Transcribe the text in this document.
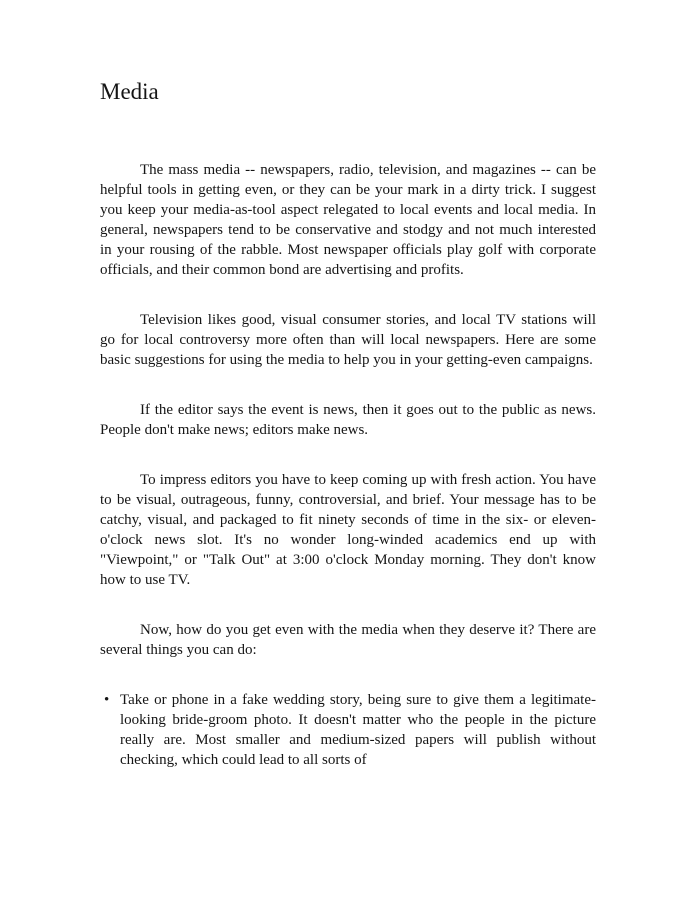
Media

The mass media -- newspapers, radio, television, and magazines -- can be helpful tools in getting even, or they can be your mark in a dirty trick. I suggest you keep your media-as-tool aspect relegated to local events and local media. In general, newspapers tend to be conservative and stodgy and not much interested in your rousing of the rabble. Most newspaper officials play golf with corporate officials, and their common bond are advertising and profits.

Television likes good, visual consumer stories, and local TV stations will go for local controversy more often than will local newspapers. Here are some basic suggestions for using the media to help you in your getting-even campaigns.

If the editor says the event is news, then it goes out to the public as news. People don't make news; editors make news.

To impress editors you have to keep coming up with fresh action. You have to be visual, outrageous, funny, controversial, and brief. Your message has to be catchy, visual, and packaged to fit ninety seconds of time in the six- or eleven-o'clock news slot. It's no wonder long-winded academics end up with "Viewpoint," or "Talk Out" at 3:00 o'clock Monday morning. They don't know how to use TV.

Now, how do you get even with the media when they deserve it? There are several things you can do:

• Take or phone in a fake wedding story, being sure to give them a legitimate-looking bride-groom photo. It doesn't matter who the people in the picture really are. Most smaller and medium-sized papers will publish without checking, which could lead to all sorts of
